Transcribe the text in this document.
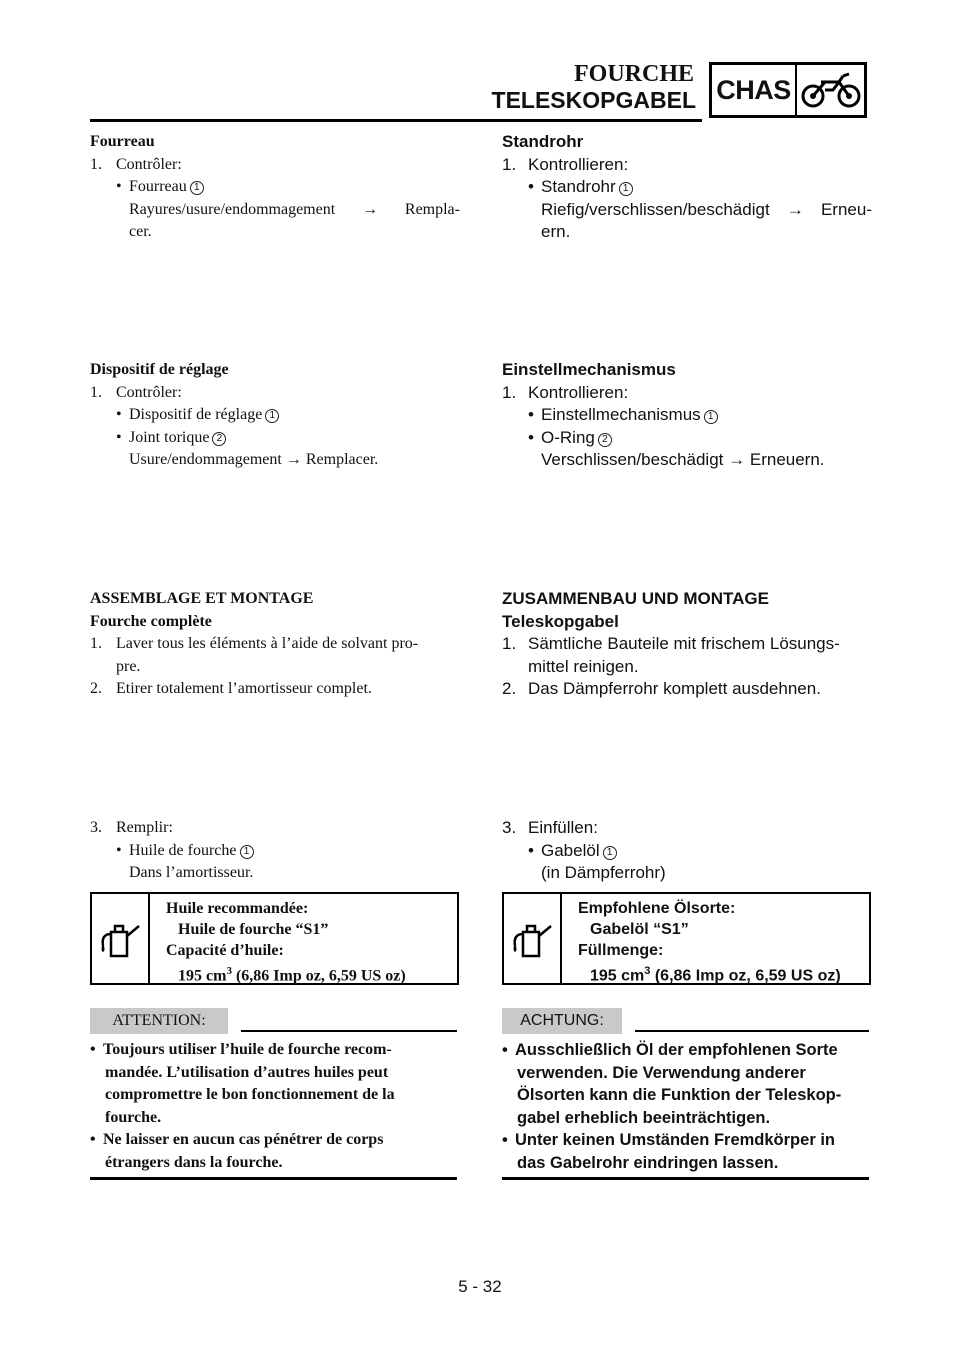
FOURCHE
TELESKOPGABEL CHAS
Fourreau
1. Contrôler:
• Fourreau 1
Rayures/usure/endommagement → Rempla-
cer.
Dispositif de réglage
1. Contrôler:
• Dispositif de réglage 1
• Joint torique 2
Usure/endommagement → Remplacer.
ASSEMBLAGE ET MONTAGE
Fourche complète
1. Laver tous les éléments à l’aide de solvant pro-
pre.
2. Etirer totalement l’amortisseur complet.
3. Remplir:
• Huile de fourche 1
Dans l’amortisseur.
Huile recommandée:
Huile de fourche “S1”
Capacité d’huile:
195 $cm^3$ (6,86 Imp oz, 6,59 US oz)
ATTENTION:
• Toujours utiliser l’huile de fourche recom-
mandée. L’utilisation d’autres huiles peut
compromettre le bon fonctionnement de la
fourche.
• Ne laisser en aucun cas pénétrer de corps
étrangers dans la fourche.
Standrohr
1. Kontrollieren:
• Standrohr 1
Riefig/verschlissen/beschädigt → Erneu-
ern.
Einstellmechanismus
1. Kontrollieren:
• Einstellmechanismus 1
• O-Ring 2
Verschlissen/beschädigt → Erneuern.
ZUSAMMENBAU UND MONTAGE
Teleskopgabel
1. Sämtliche Bauteile mit frischem Lösungs-
mittel reinigen.
2. Das Dämpferrohr komplett ausdehnen.
3. Einfüllen:
• Gabelöl 1
(in Dämpferrohr)
Empfohlene Ölsorte:
Gabelöl “S1”
Füllmenge:
195 $cm^3$ (6,86 Imp oz, 6,59 US oz)
ACHTUNG:
• Ausschließlich Öl der empfohlenen Sorte
verwenden. Die Verwendung anderer
Ölsorten kann die Funktion der Teleskop-
gabel erheblich beeinträchtigen.
• Unter keinen Umständen Fremdkörper in
das Gabelrohr eindringen lassen.
5 - 32
